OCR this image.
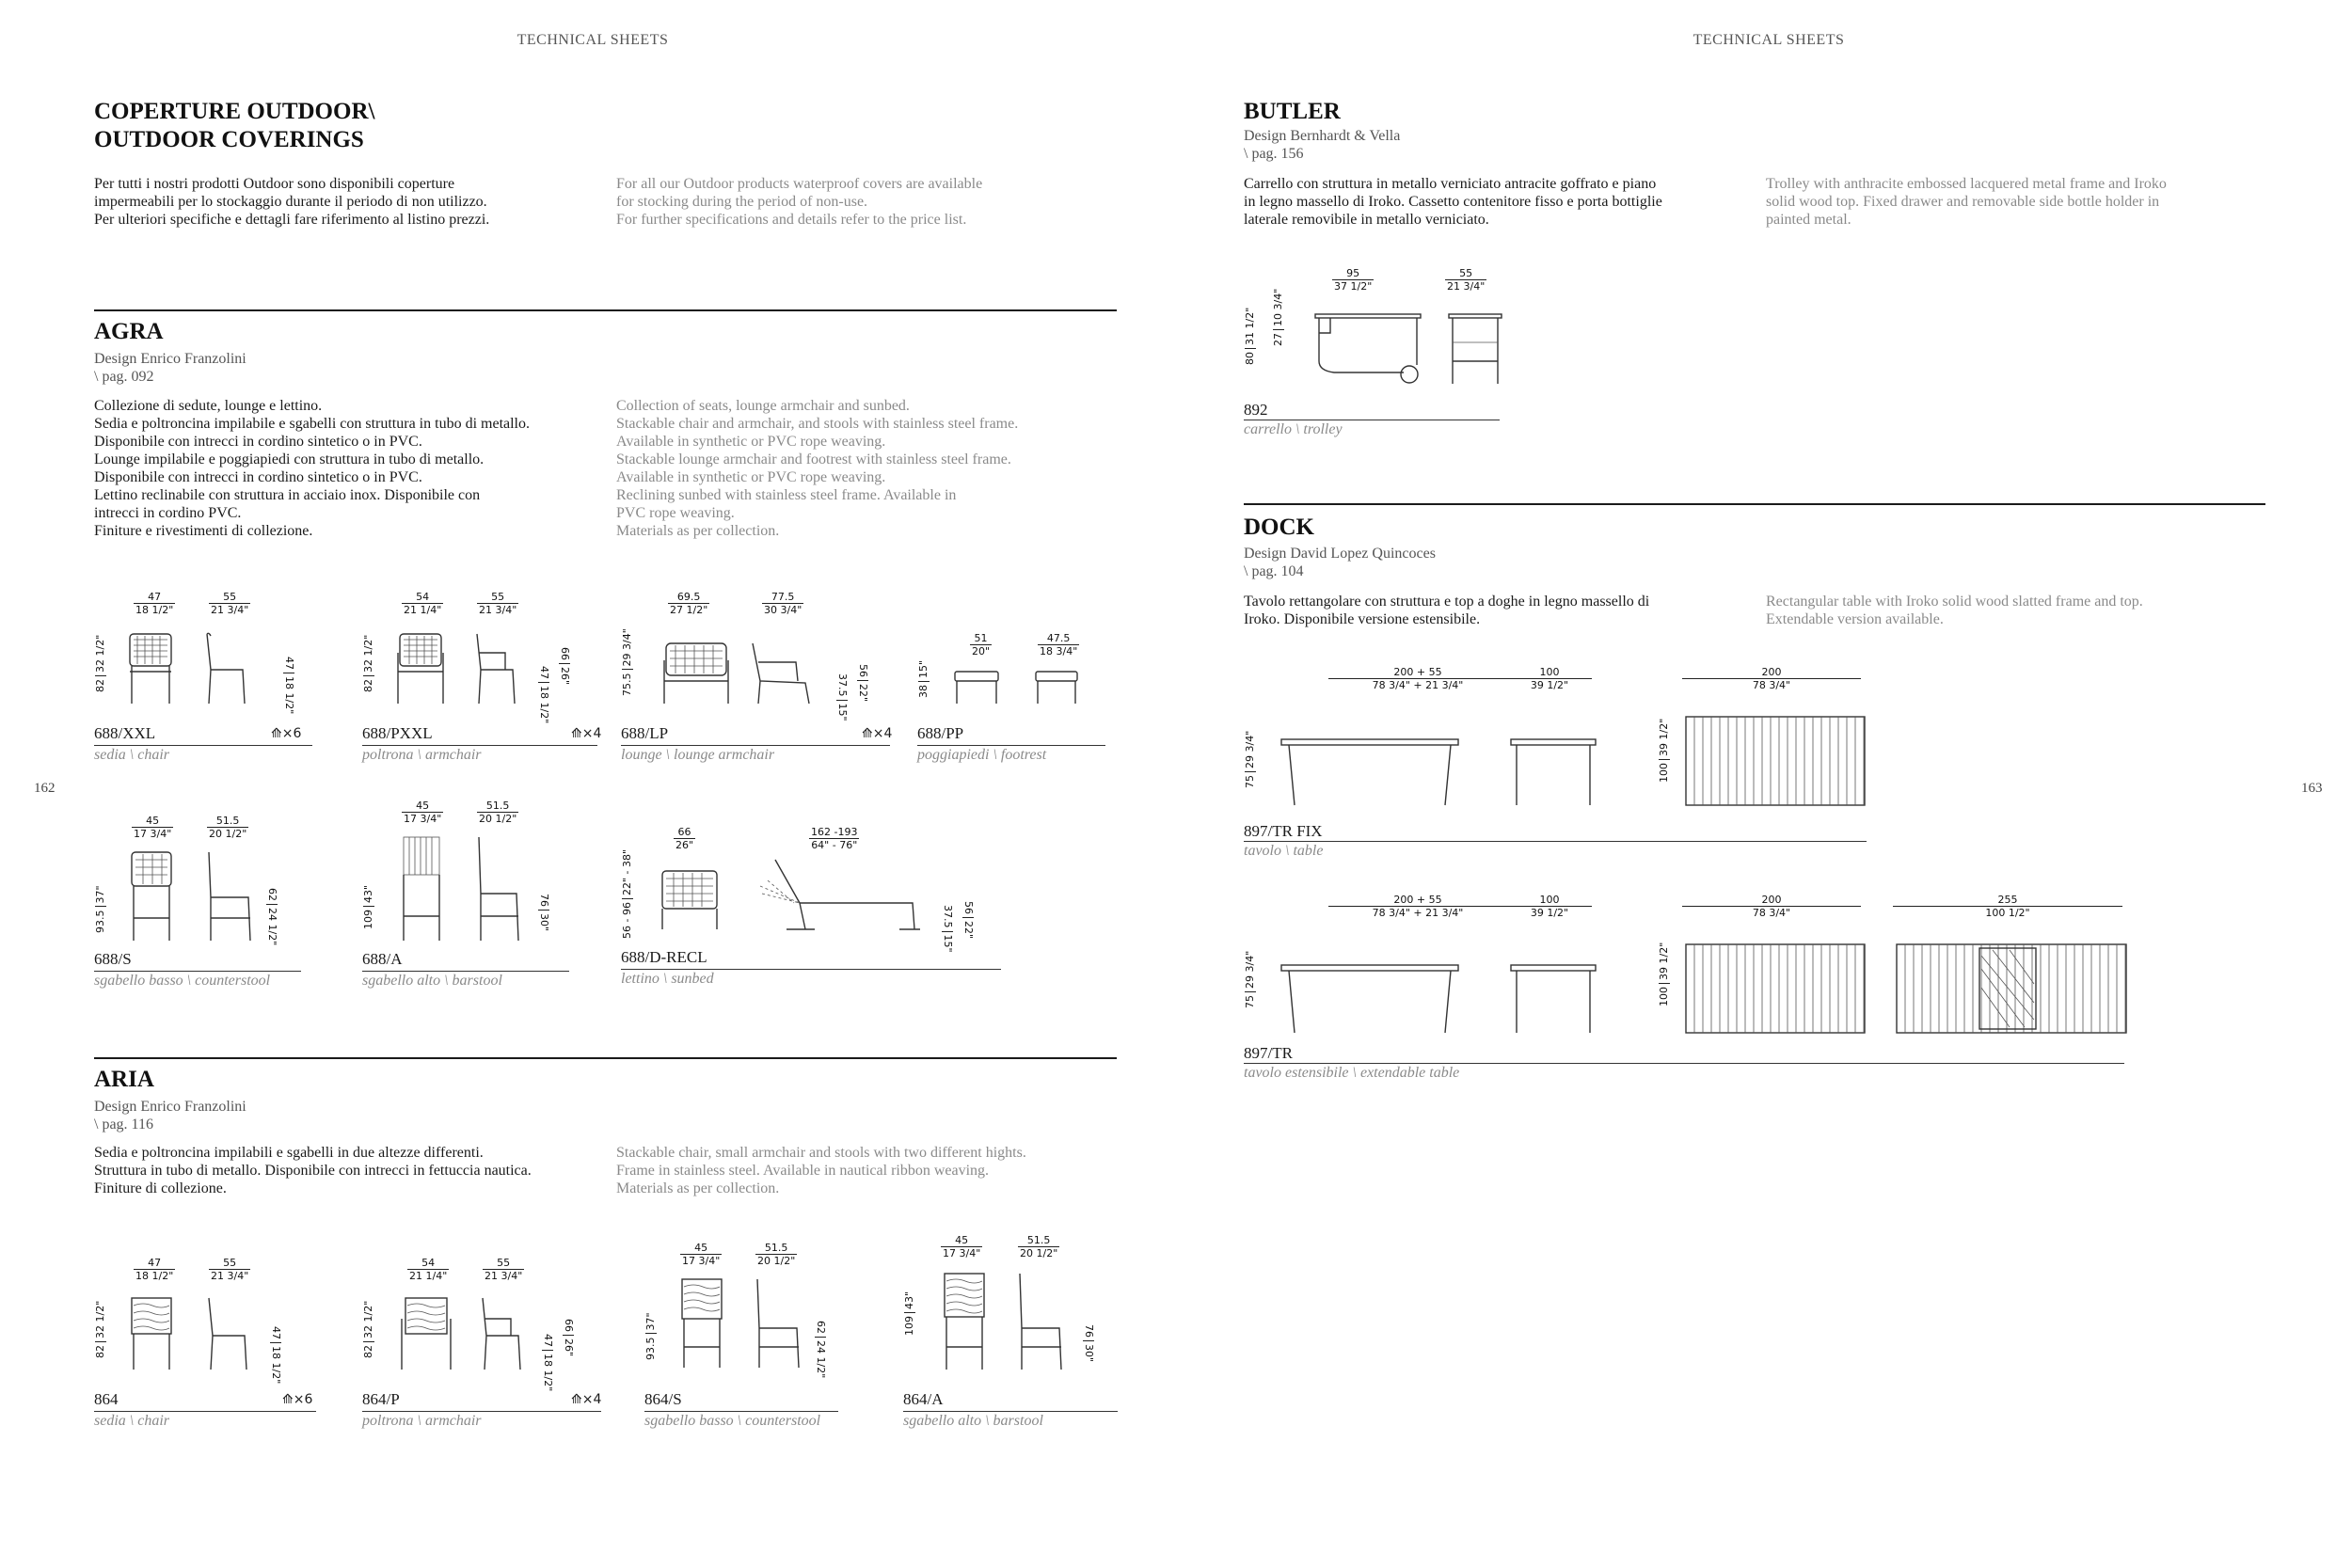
TECHNICAL SHEETS
162
COPERTURE OUTDOOR\
OUTDOOR COVERINGS
Per tutti i nostri prodotti Outdoor sono disponibili coperture
impermeabili per lo stockaggio durante il periodo di non utilizzo.
Per ulteriori specifiche e dettagli fare riferimento al listino prezzi.
For all our Outdoor products waterproof covers are available
for stocking during the period of non-use.
For further specifications and details refer to the price list.
AGRA
Design Enrico Franzolini
\ pag. 092
Collezione di sedute, lounge e lettino.
Sedia e poltroncina impilabile e sgabelli con struttura in tubo di metallo.
Disponibile con intrecci in cordino sintetico o in PVC.
Lounge impilabile e poggiapiedi con struttura in tubo di metallo.
Disponibile con intrecci in cordino sintetico o in PVC.
Lettino reclinabile con struttura in acciaio inox. Disponibile con
intrecci in cordino PVC.
Finiture e rivestimenti di collezione.
Collection of seats, lounge armchair and sunbed.
Stackable chair and armchair, and stools with stainless steel frame.
Available in synthetic or PVC rope weaving.
Stackable lounge armchair and footrest with stainless steel frame.
Available in synthetic or PVC rope weaving.
Reclining sunbed with stainless steel frame. Available in
PVC rope weaving.
Materials as per collection.
47
18 1/2"
55
21 3/4"
8232 1/2"	4718 1/2"
688/XXL	⟰×6
sedia \ chair
54
21 1/4"
55
21 3/4"
8232 1/2"	4718 1/2"
6626"
688/PXXL	⟰×4
poltrona \ armchair
69.5
27 1/2"
77.5
30 3/4"
75.529 3/4"
37.515"
5622"
688/LP	⟰×4
lounge \ lounge armchair
51
20"
47.5
18 3/4"
3815"
688/PP
poggiapiedi \ footrest
45
17 3/4"
51.5
20 1/2"
93.537"	6224 1/2"
688/S
sgabello basso \ counterstool
45
17 3/4"
51.5
20 1/2"
10943"	7630"
688/A
sgabello alto \ barstool
66
26"
162 -193
64" - 76"
56 - 9622" - 38"
37.515"
5622"
688/D-RECL
lettino \ sunbed
ARIA
Design Enrico Franzolini
\ pag. 116
Sedia e poltroncina impilabili e sgabelli in due altezze differenti.
Struttura in tubo di metallo. Disponibile con intrecci in fettuccia nautica.
Finiture di collezione.
Stackable chair, small armchair and stools with two different hights.
Frame in stainless steel. Available in nautical ribbon weaving.
Materials as per collection.
47
18 1/2"
55
21 3/4"
8232 1/2"	4718 1/2"
864	⟰×6
sedia \ chair
54
21 1/4"
55
21 3/4"
8232 1/2"
4718 1/2"
6626"
864/P	⟰×4
poltrona \ armchair
45
17 3/4"
51.5
20 1/2"
93.537"	6224 1/2"
864/S
sgabello basso \ counterstool
45
17 3/4"
51.5
20 1/2"
10943"
7630"
864/A
sgabello alto \ barstool
TECHNICAL SHEETS
163
BUTLER
Design Bernhardt & Vella
\ pag. 156
Carrello con struttura in metallo verniciato antracite goffrato e piano
in legno massello di Iroko. Cassetto contenitore fisso e porta bottiglie
laterale removibile in metallo verniciato.
Trolley with anthracite embossed lacquered metal frame and Iroko
solid wood top. Fixed drawer and removable side bottle holder in
painted metal.
95
37 1/2"
55
21 3/4"
8031 1/2" 2710 3/4"
892
carrello \ trolley
DOCK
Design David Lopez Quincoces
\ pag. 104
Tavolo rettangolare con struttura e top a doghe in legno massello di
Iroko. Disponibile versione estensibile.
Rectangular table with Iroko solid wood slatted frame and top.
Extendable version available.
200 + 55
78 3/4" + 21 3/4"
100
39 1/2"
200
78 3/4"
7529 3/4"
10039 1/2"
897/TR FIX
tavolo \ table
200 + 55
78 3/4" + 21 3/4"
100
39 1/2"
200
78 3/4"
255
100 1/2"
7529 3/4"
10039 1/2"
897/TR
tavolo estensibile \ extendable table
